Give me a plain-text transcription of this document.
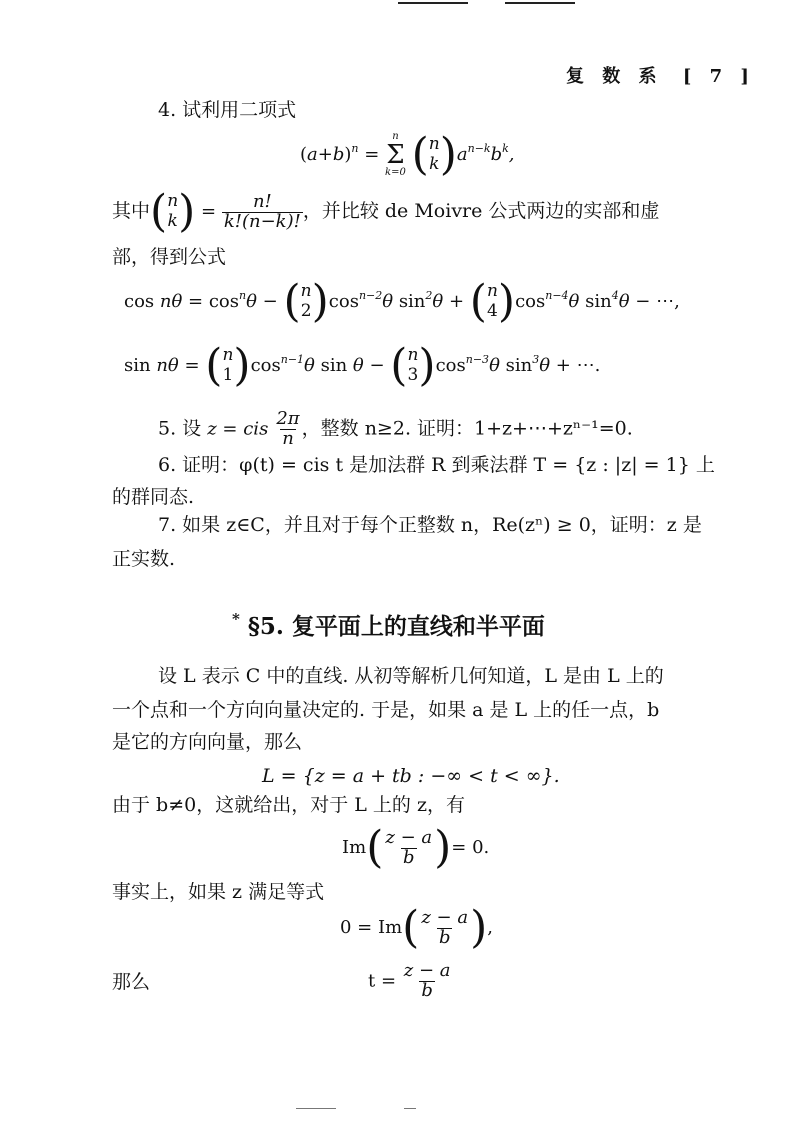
复 数 系 [ 7 ]
4. 试利用二项式
$(a+b)^n$ =
n
Σ
k=0 ( n
k )$a^{n-k}b^k$,
其中( n
k ) = $\frac{n!}{k!(n-k)!}$ ，并比较 de Moivre 公式两边的实部和虚
部，得到公式
$\cos n\theta = \cos^n\theta$ − ( n
2 )$\cos^{n-2}\theta$ $\sin^2\theta$ + ( n
4 )$\cos^{n-4}\theta$ $\sin^4\theta$ − ⋯,
sin nθ = ( n
1 )$\cos^{n-1}\theta$ sin θ − ( n
3 )$\cos^{n-3}\theta$ $\sin^3\theta$ + ⋯.
5. 设 z = cis $\frac{2\pi}{n}$ ，整数 n≥2. 证明：1+z+⋯+zⁿ⁻¹=0.
6. 证明：φ(t) = cis t 是加法群 R 到乘法群 T = {z : |z| = 1} 上
的群同态.
7. 如果 z∈C，并且对于每个正整数 n，Re(zⁿ) ≥ 0，证明：z 是
正实数.
* §5. 复平面上的直线和半平面
设 L 表示 C 中的直线. 从初等解析几何知道，L 是由 L 上的
一个点和一个方向向量决定的. 于是，如果 a 是 L 上的任一点，b
是它的方向向量，那么
L = {z = a + tb : −∞ < t < ∞}.
由于 b≠0，这就给出，对于 L 上的 z，有
$Im( \frac{z - a}{b}$ )= 0.
事实上，如果 z 满足等式
$0 = Im( \frac{z - a}{b}$ ),
那么	$t = \frac{z - a}{b}$
